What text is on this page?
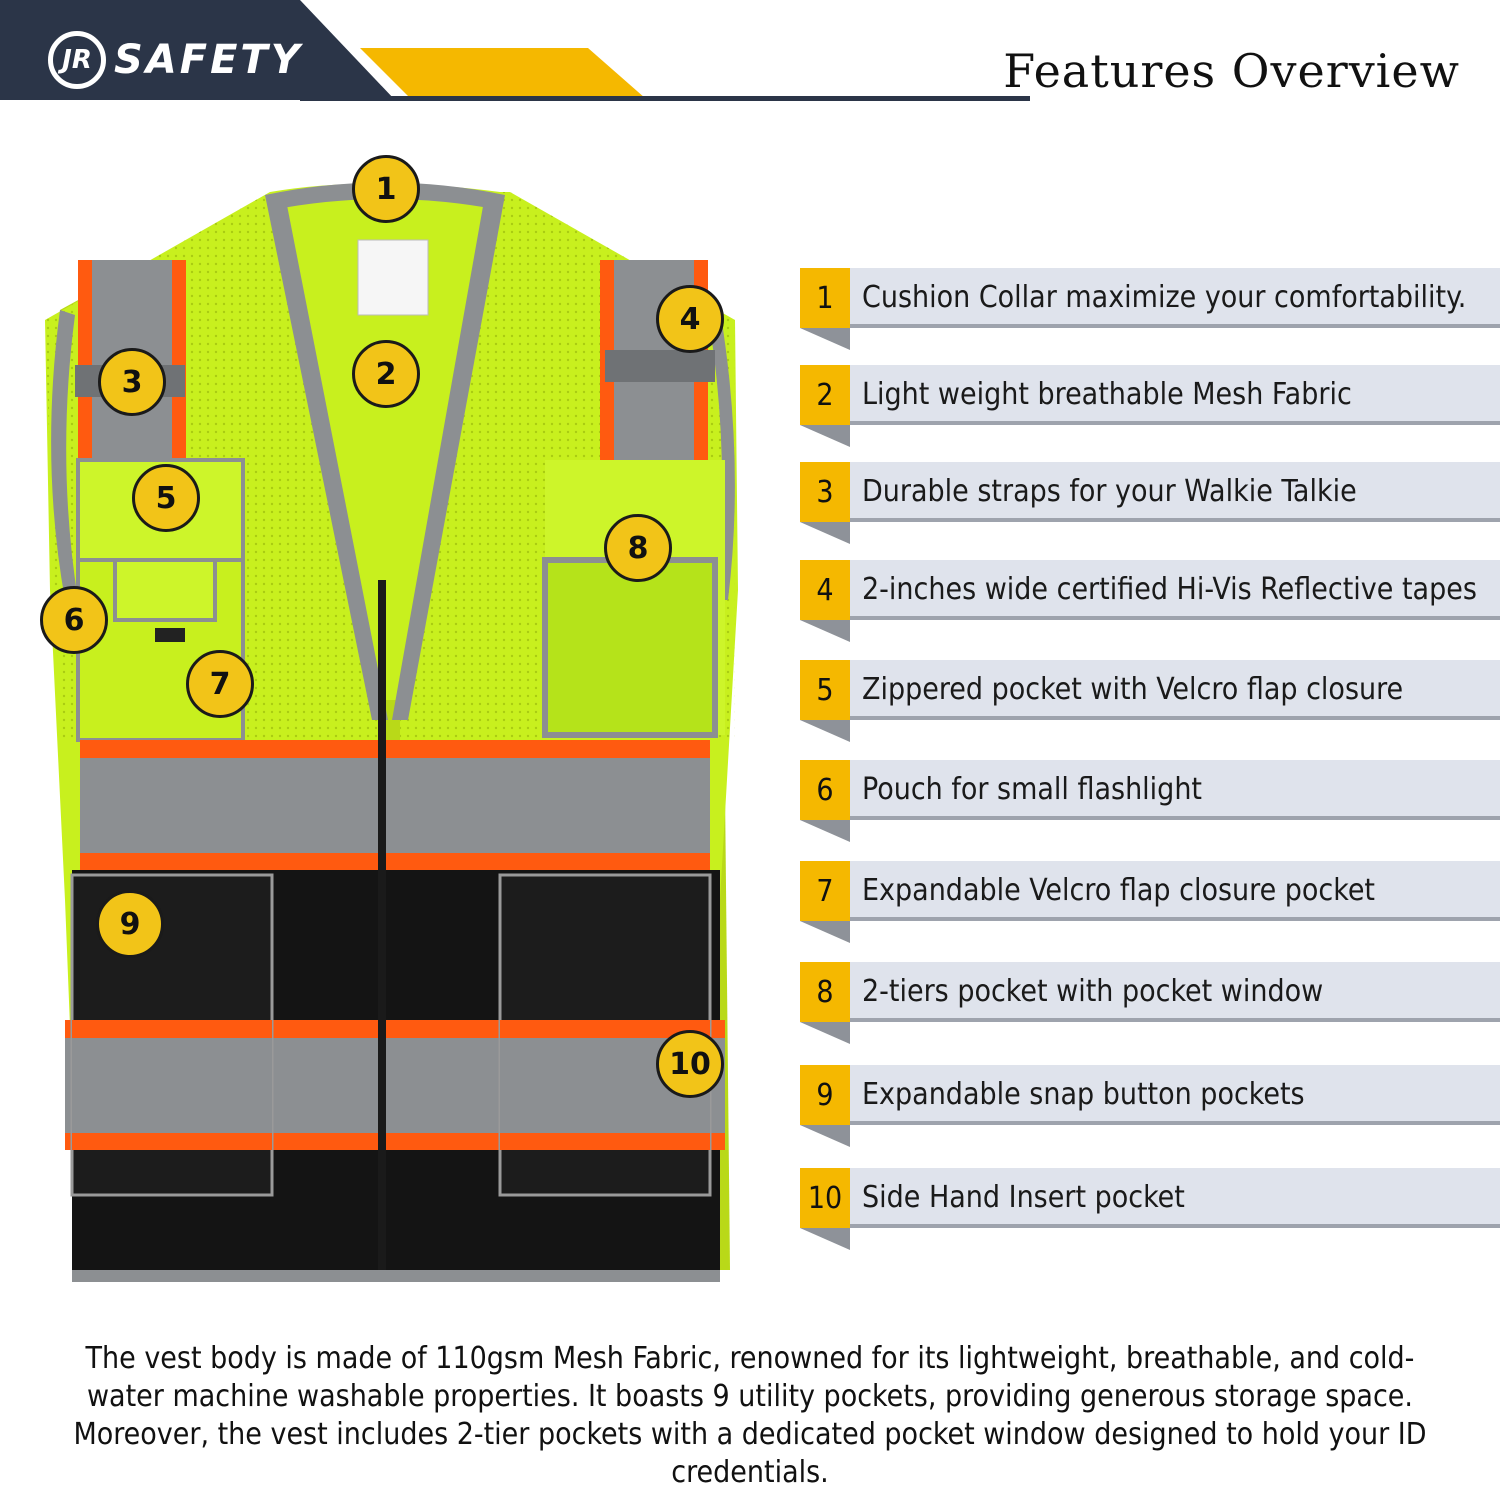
JR SAFETY	Features Overview
1
2
3
4
5
6
7
8
9
10
1 Cushion Collar maximize your comfortability.
2 Light weight breathable Mesh Fabric
3 Durable straps for your Walkie Talkie
4 2-inches wide certified Hi-Vis Reflective tapes
5 Zippered pocket with Velcro flap closure
6 Pouch for small flashlight
7 Expandable Velcro flap closure pocket
8 2-tiers pocket with pocket window
9 Expandable snap button pockets
10 Side Hand Insert pocket
The vest body is made of 110gsm Mesh Fabric, renowned for its lightweight, breathable, and cold-water machine washable properties. It boasts 9 utility pockets, providing generous storage space. Moreover, the vest includes 2-tier pockets with a dedicated pocket window designed to hold your ID credentials.
